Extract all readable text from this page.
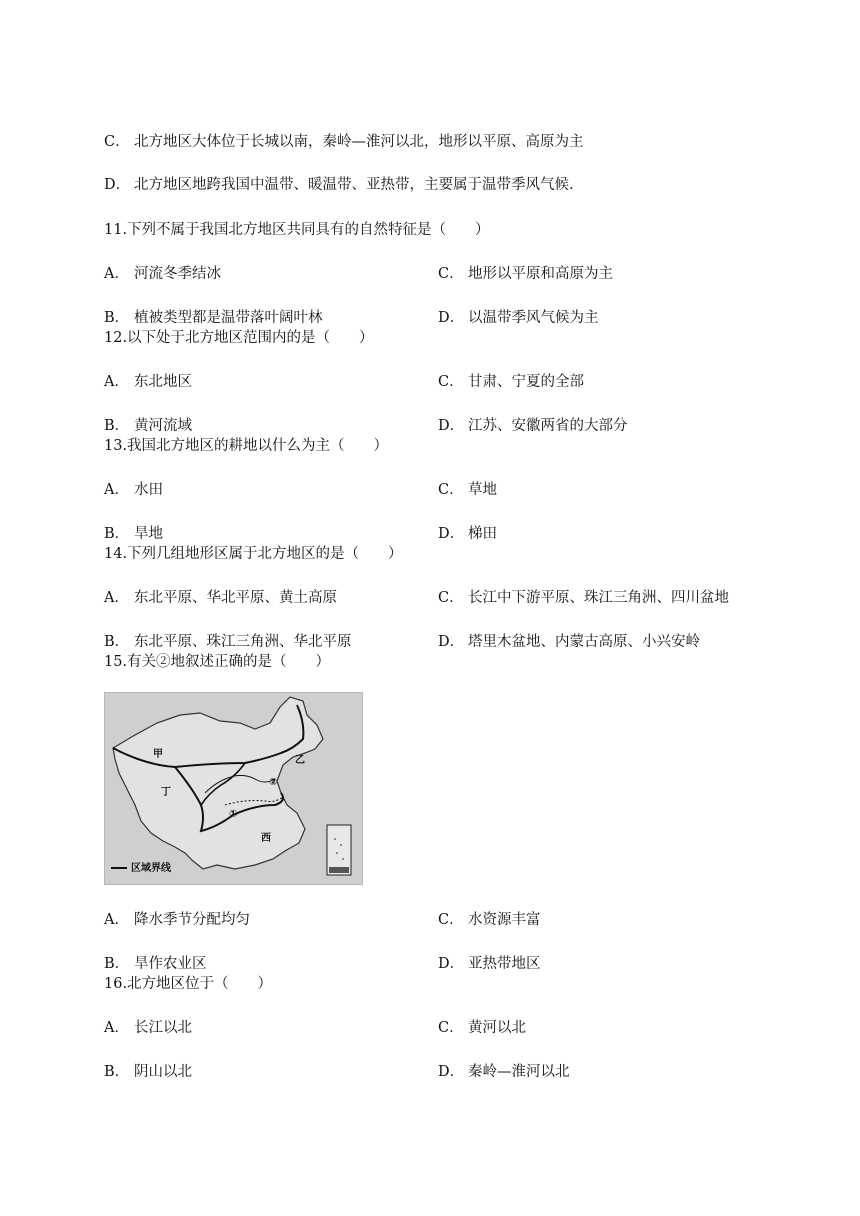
C． 北方地区大体位于长城以南，秦岭—淮河以北，地形以平原、高原为主
D． 北方地区地跨我国中温带、暖温带、亚热带，主要属于温带季风气候．
11.下列不属于我国北方地区共同具有的自然特征是（　　）
A． 河流冬季结冰	C． 地形以平原和高原为主
B． 植被类型都是温带落叶阔叶林	D． 以温带季风气候为主
12.以下处于北方地区范围内的是（　　）
A． 东北地区	C． 甘肃、宁夏的全部
B． 黄河流域	D． 江苏、安徽两省的大部分
13.我国北方地区的耕地以什么为主（　　）
A． 水田	C． 草地
B． 旱地	D． 梯田
14.下列几组地形区属于北方地区的是（　　）
A． 东北平原、华北平原、黄土高原	C． 长江中下游平原、珠江三角洲、四川盆地
B． 东北平原、珠江三角洲、华北平原	D． 塔里木盆地、内蒙古高原、小兴安岭
15.有关②地叙述正确的是（　　）
区域界线
甲
乙
丁
西
①
②
A． 降水季节分配均匀	C． 水资源丰富
B． 旱作农业区	D． 亚热带地区
16.北方地区位于（　　）
A． 长江以北	C． 黄河以北
B． 阴山以北	D． 秦岭—淮河以北
